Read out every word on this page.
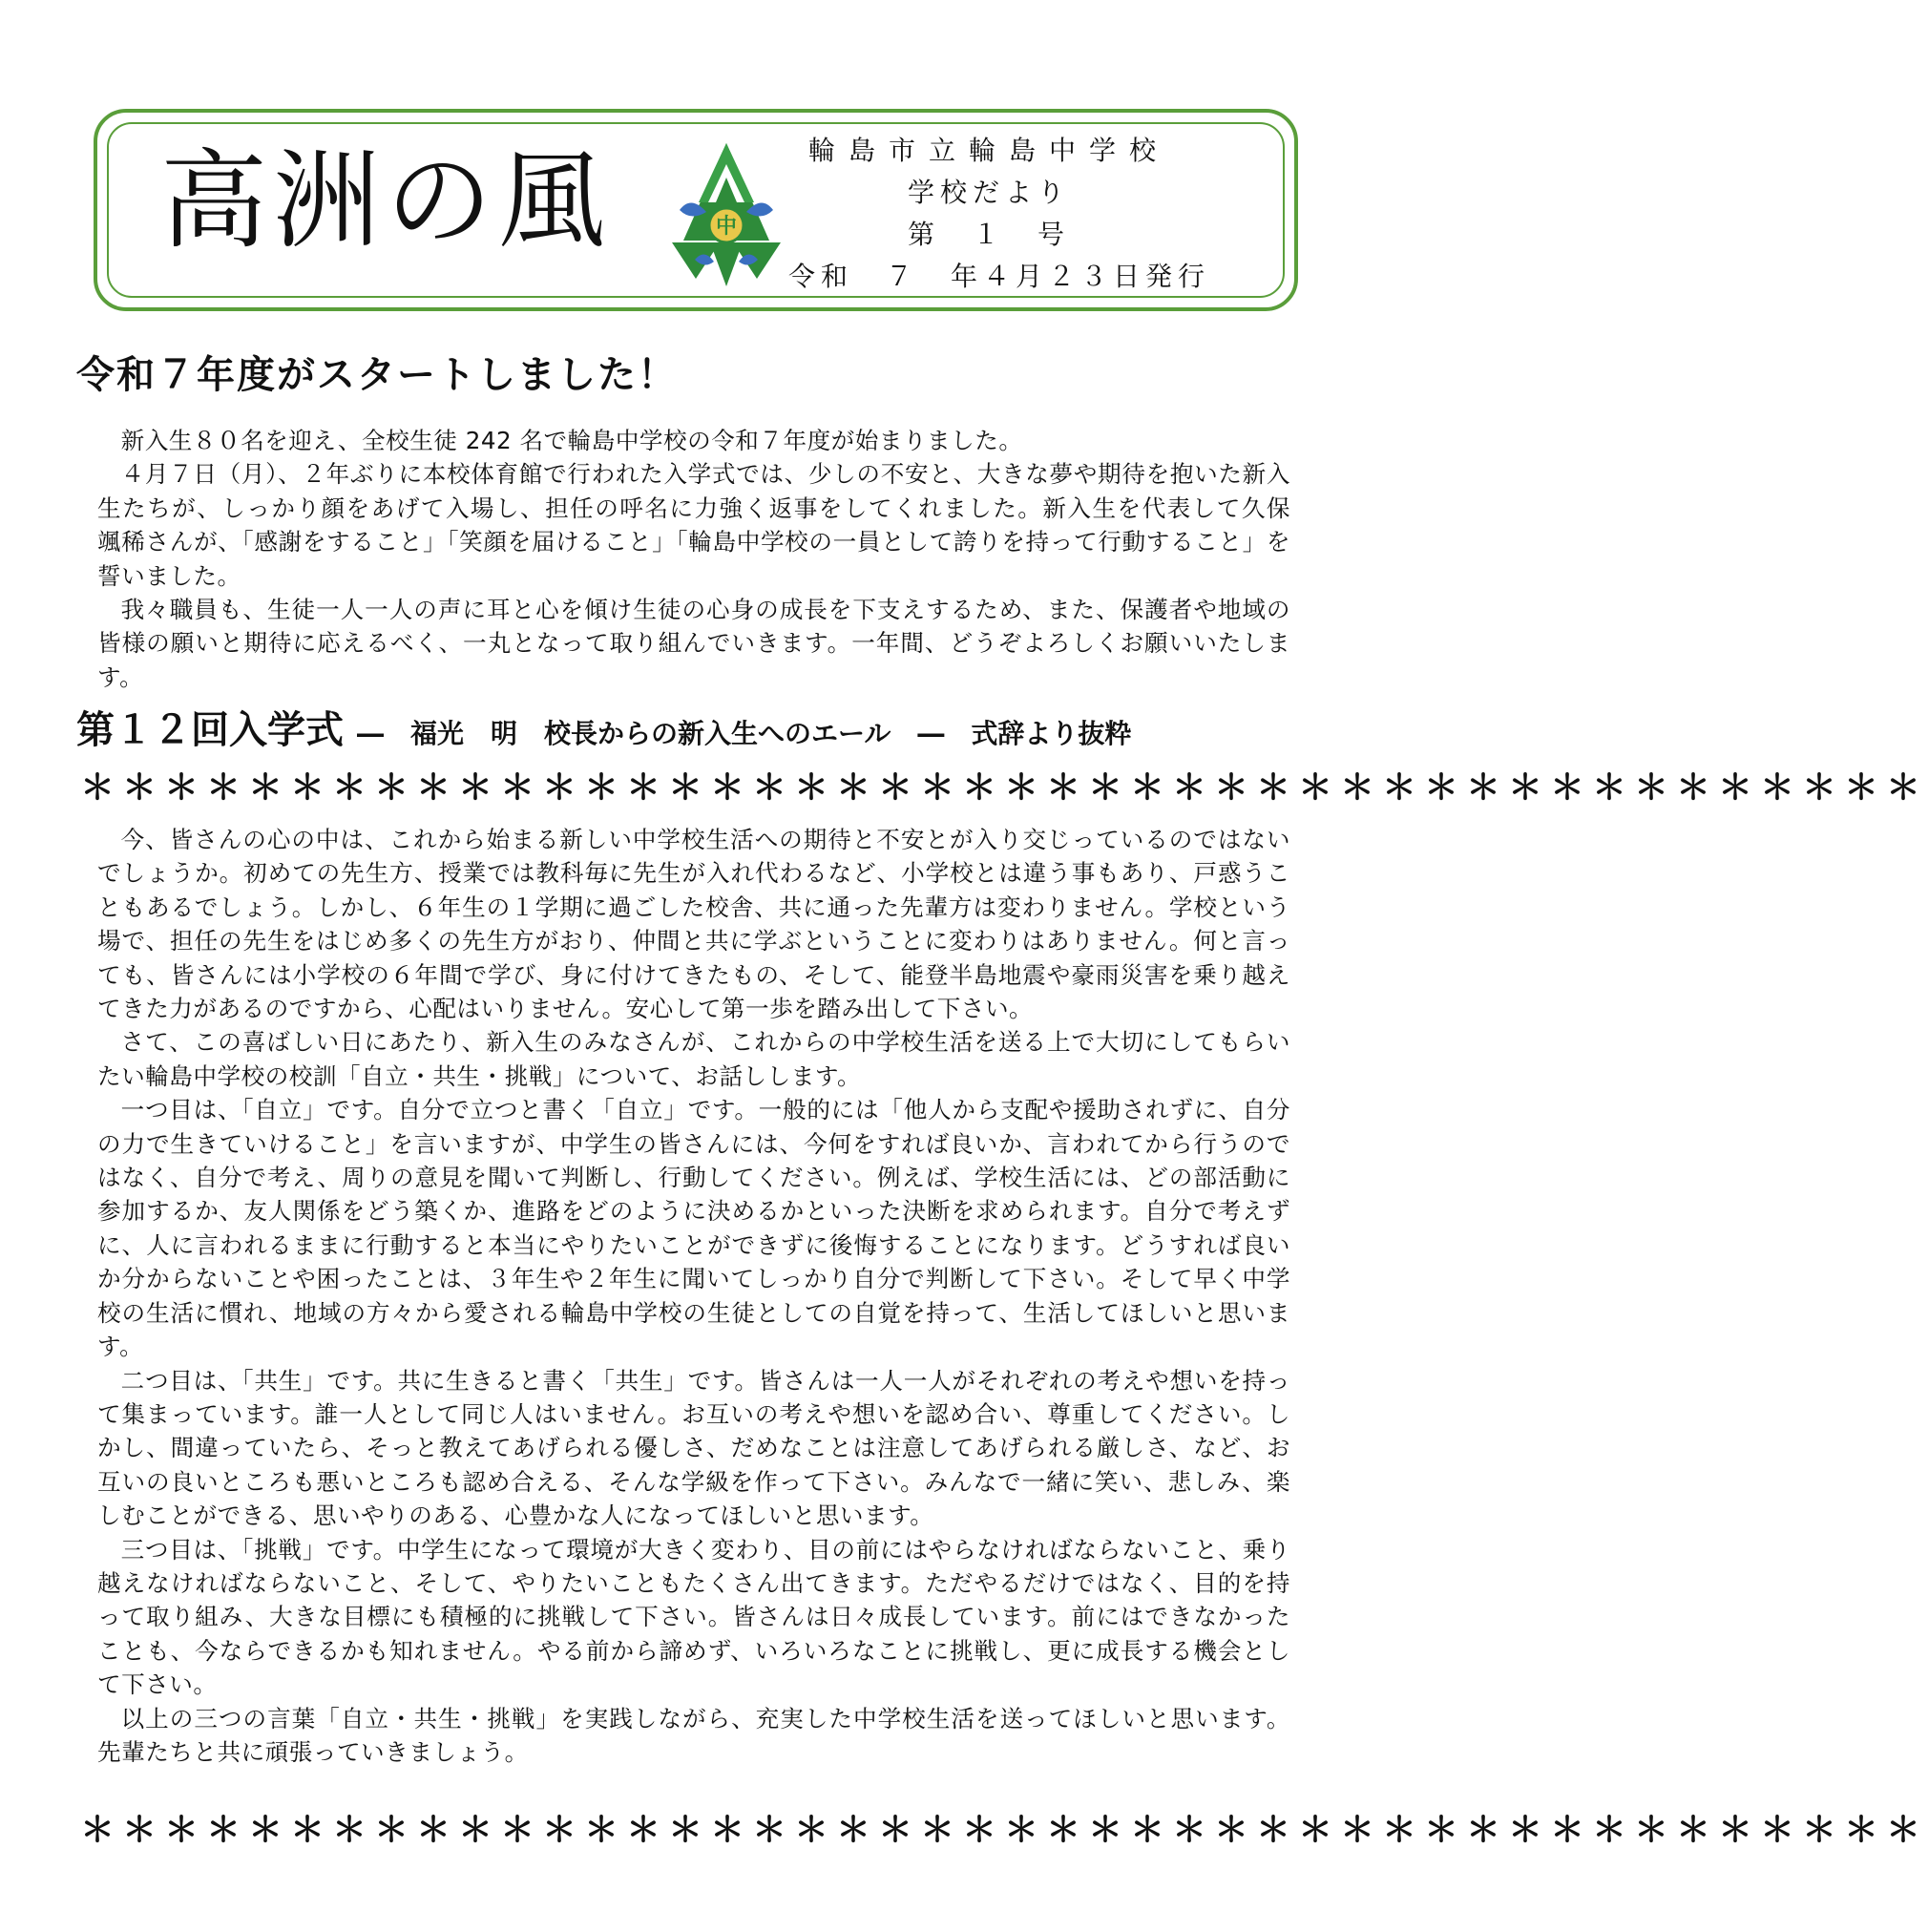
高洲の風	中
輪島市立輪島中学校
学校だより
第　１　号
令和　７　年４月２３日発行
令和７年度がスタートしました！

新入生８０名を迎え、全校生徒 242 名で輪島中学校の令和７年度が始まりました。

４月７日（月）、２年ぶりに本校体育館で行われた入学式では、少しの不安と、大きな夢や期待を抱いた新入生たちが、しっかり顔をあげて入場し、担任の呼名に力強く返事をしてくれました。新入生を代表して久保　颯稀さんが、「感謝をすること」「笑顔を届けること」「輪島中学校の一員として誇りを持って行動すること」を誓いました。

我々職員も、生徒一人一人の声に耳と心を傾け生徒の心身の成長を下支えするため、また、保護者や地域の皆様の願いと期待に応えるべく、一丸となって取り組んでいきます。一年間、どうぞよろしくお願いいたします。

第１２回入学式 ―　福光　明　校長からの新入生へのエール　―　式辞より抜粋
＊＊＊＊＊＊＊＊＊＊＊＊＊＊＊＊＊＊＊＊＊＊＊＊＊＊＊＊＊＊＊＊＊＊＊＊＊＊＊＊＊＊＊＊

今、皆さんの心の中は、これから始まる新しい中学校生活への期待と不安とが入り交じっているのではないでしょうか。初めての先生方、授業では教科毎に先生が入れ代わるなど、小学校とは違う事もあり、戸惑うこともあるでしょう。しかし、６年生の１学期に過ごした校舎、共に通った先輩方は変わりません。学校という場で、担任の先生をはじめ多くの先生方がおり、仲間と共に学ぶということに変わりはありません。何と言っても、皆さんには小学校の６年間で学び、身に付けてきたもの、そして、能登半島地震や豪雨災害を乗り越えてきた力があるのですから、心配はいりません。安心して第一歩を踏み出して下さい。

さて、この喜ばしい日にあたり、新入生のみなさんが、これからの中学校生活を送る上で大切にしてもらいたい輪島中学校の校訓「自立・共生・挑戦」について、お話しします。

一つ目は、「自立」です。自分で立つと書く「自立」です。一般的には「他人から支配や援助されずに、自分の力で生きていけること」を言いますが、中学生の皆さんには、今何をすれば良いか、言われてから行うのではなく、自分で考え、周りの意見を聞いて判断し、行動してください。例えば、学校生活には、どの部活動に参加するか、友人関係をどう築くか、進路をどのように決めるかといった決断を求められます。自分で考えずに、人に言われるままに行動すると本当にやりたいことができずに後悔することになります。どうすれば良いか分からないことや困ったことは、３年生や２年生に聞いてしっかり自分で判断して下さい。そして早く中学校の生活に慣れ、地域の方々から愛される輪島中学校の生徒としての自覚を持って、生活してほしいと思います。

二つ目は、「共生」です。共に生きると書く「共生」です。皆さんは一人一人がそれぞれの考えや想いを持って集まっています。誰一人として同じ人はいません。お互いの考えや想いを認め合い、尊重してください。しかし、間違っていたら、そっと教えてあげられる優しさ、だめなことは注意してあげられる厳しさ、など、お互いの良いところも悪いところも認め合える、そんな学級を作って下さい。みんなで一緒に笑い、悲しみ、楽しむことができる、思いやりのある、心豊かな人になってほしいと思います。

三つ目は、「挑戦」です。中学生になって環境が大きく変わり、目の前にはやらなければならないこと、乗り越えなければならないこと、そして、やりたいこともたくさん出てきます。ただやるだけではなく、目的を持って取り組み、大きな目標にも積極的に挑戦して下さい。皆さんは日々成長しています。前にはできなかったことも、今ならできるかも知れません。やる前から諦めず、いろいろなことに挑戦し、更に成長する機会として下さい。

以上の三つの言葉「自立・共生・挑戦」を実践しながら、充実した中学校生活を送ってほしいと思います。先輩たちと共に頑張っていきましょう。

＊＊＊＊＊＊＊＊＊＊＊＊＊＊＊＊＊＊＊＊＊＊＊＊＊＊＊＊＊＊＊＊＊＊＊＊＊＊＊＊＊＊＊＊
